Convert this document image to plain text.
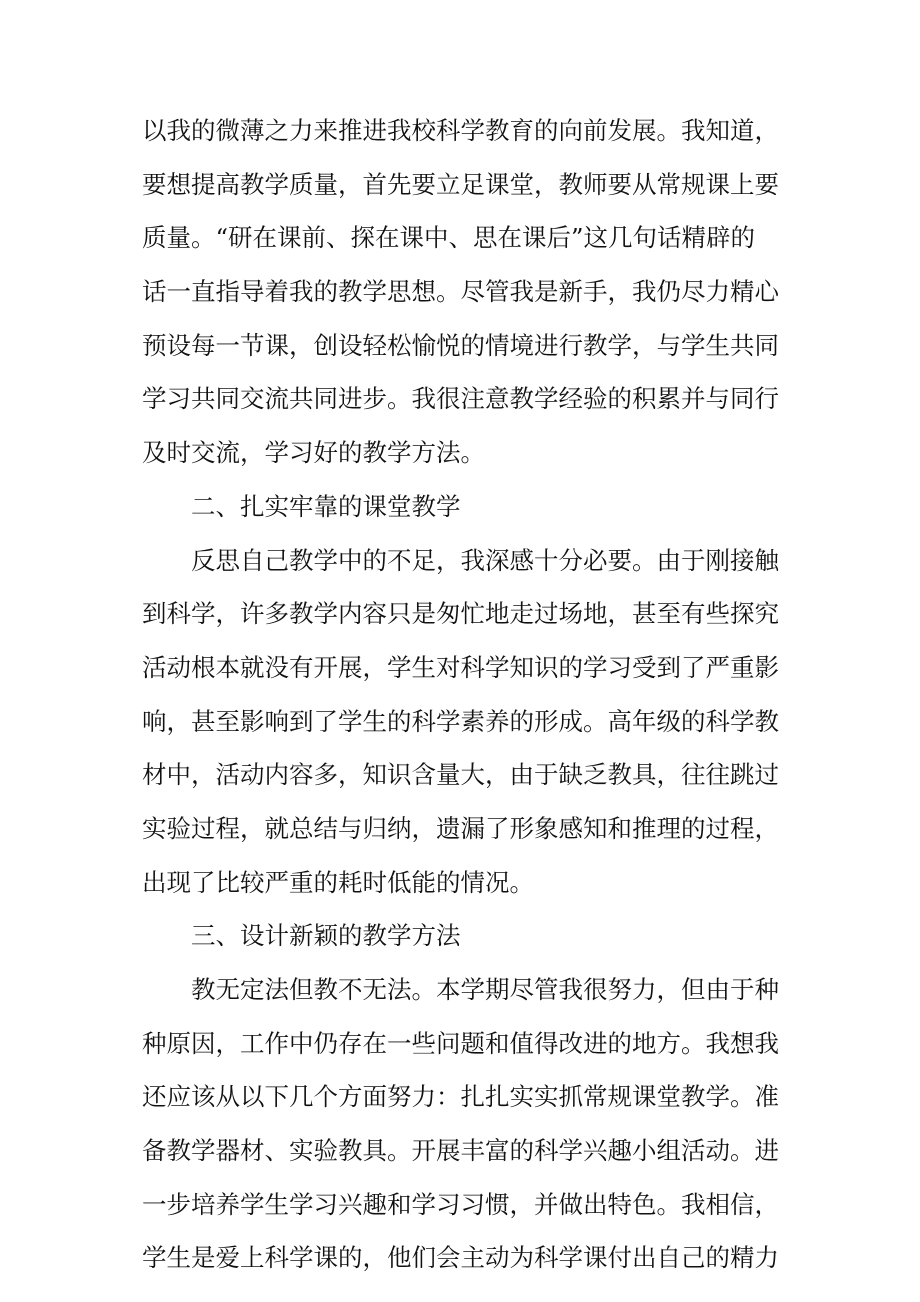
以我的微薄之力来推进我校科学教育的向前发展。我知道，
要想提高教学质量，首先要立足课堂，教师要从常规课上要
质量。“研在课前、探在课中、思在课后”这几句话精辟的
话一直指导着我的教学思想。尽管我是新手，我仍尽力精心
预设每一节课，创设轻松愉悦的情境进行教学，与学生共同
学习共同交流共同进步。我很注意教学经验的积累并与同行
及时交流，学习好的教学方法。
二、扎实牢靠的课堂教学
反思自己教学中的不足，我深感十分必要。由于刚接触
到科学，许多教学内容只是匆忙地走过场地，甚至有些探究
活动根本就没有开展，学生对科学知识的学习受到了严重影
响，甚至影响到了学生的科学素养的形成。高年级的科学教
材中，活动内容多，知识含量大，由于缺乏教具，往往跳过
实验过程，就总结与归纳，遗漏了形象感知和推理的过程，
出现了比较严重的耗时低能的情况。
三、设计新颖的教学方法
教无定法但教不无法。本学期尽管我很努力，但由于种
种原因，工作中仍存在一些问题和值得改进的地方。我想我
还应该从以下几个方面努力：扎扎实实抓常规课堂教学。准
备教学器材、实验教具。开展丰富的科学兴趣小组活动。进
一步培养学生学习兴趣和学习习惯，并做出特色。我相信，
学生是爱上科学课的，他们会主动为科学课付出自己的精力
